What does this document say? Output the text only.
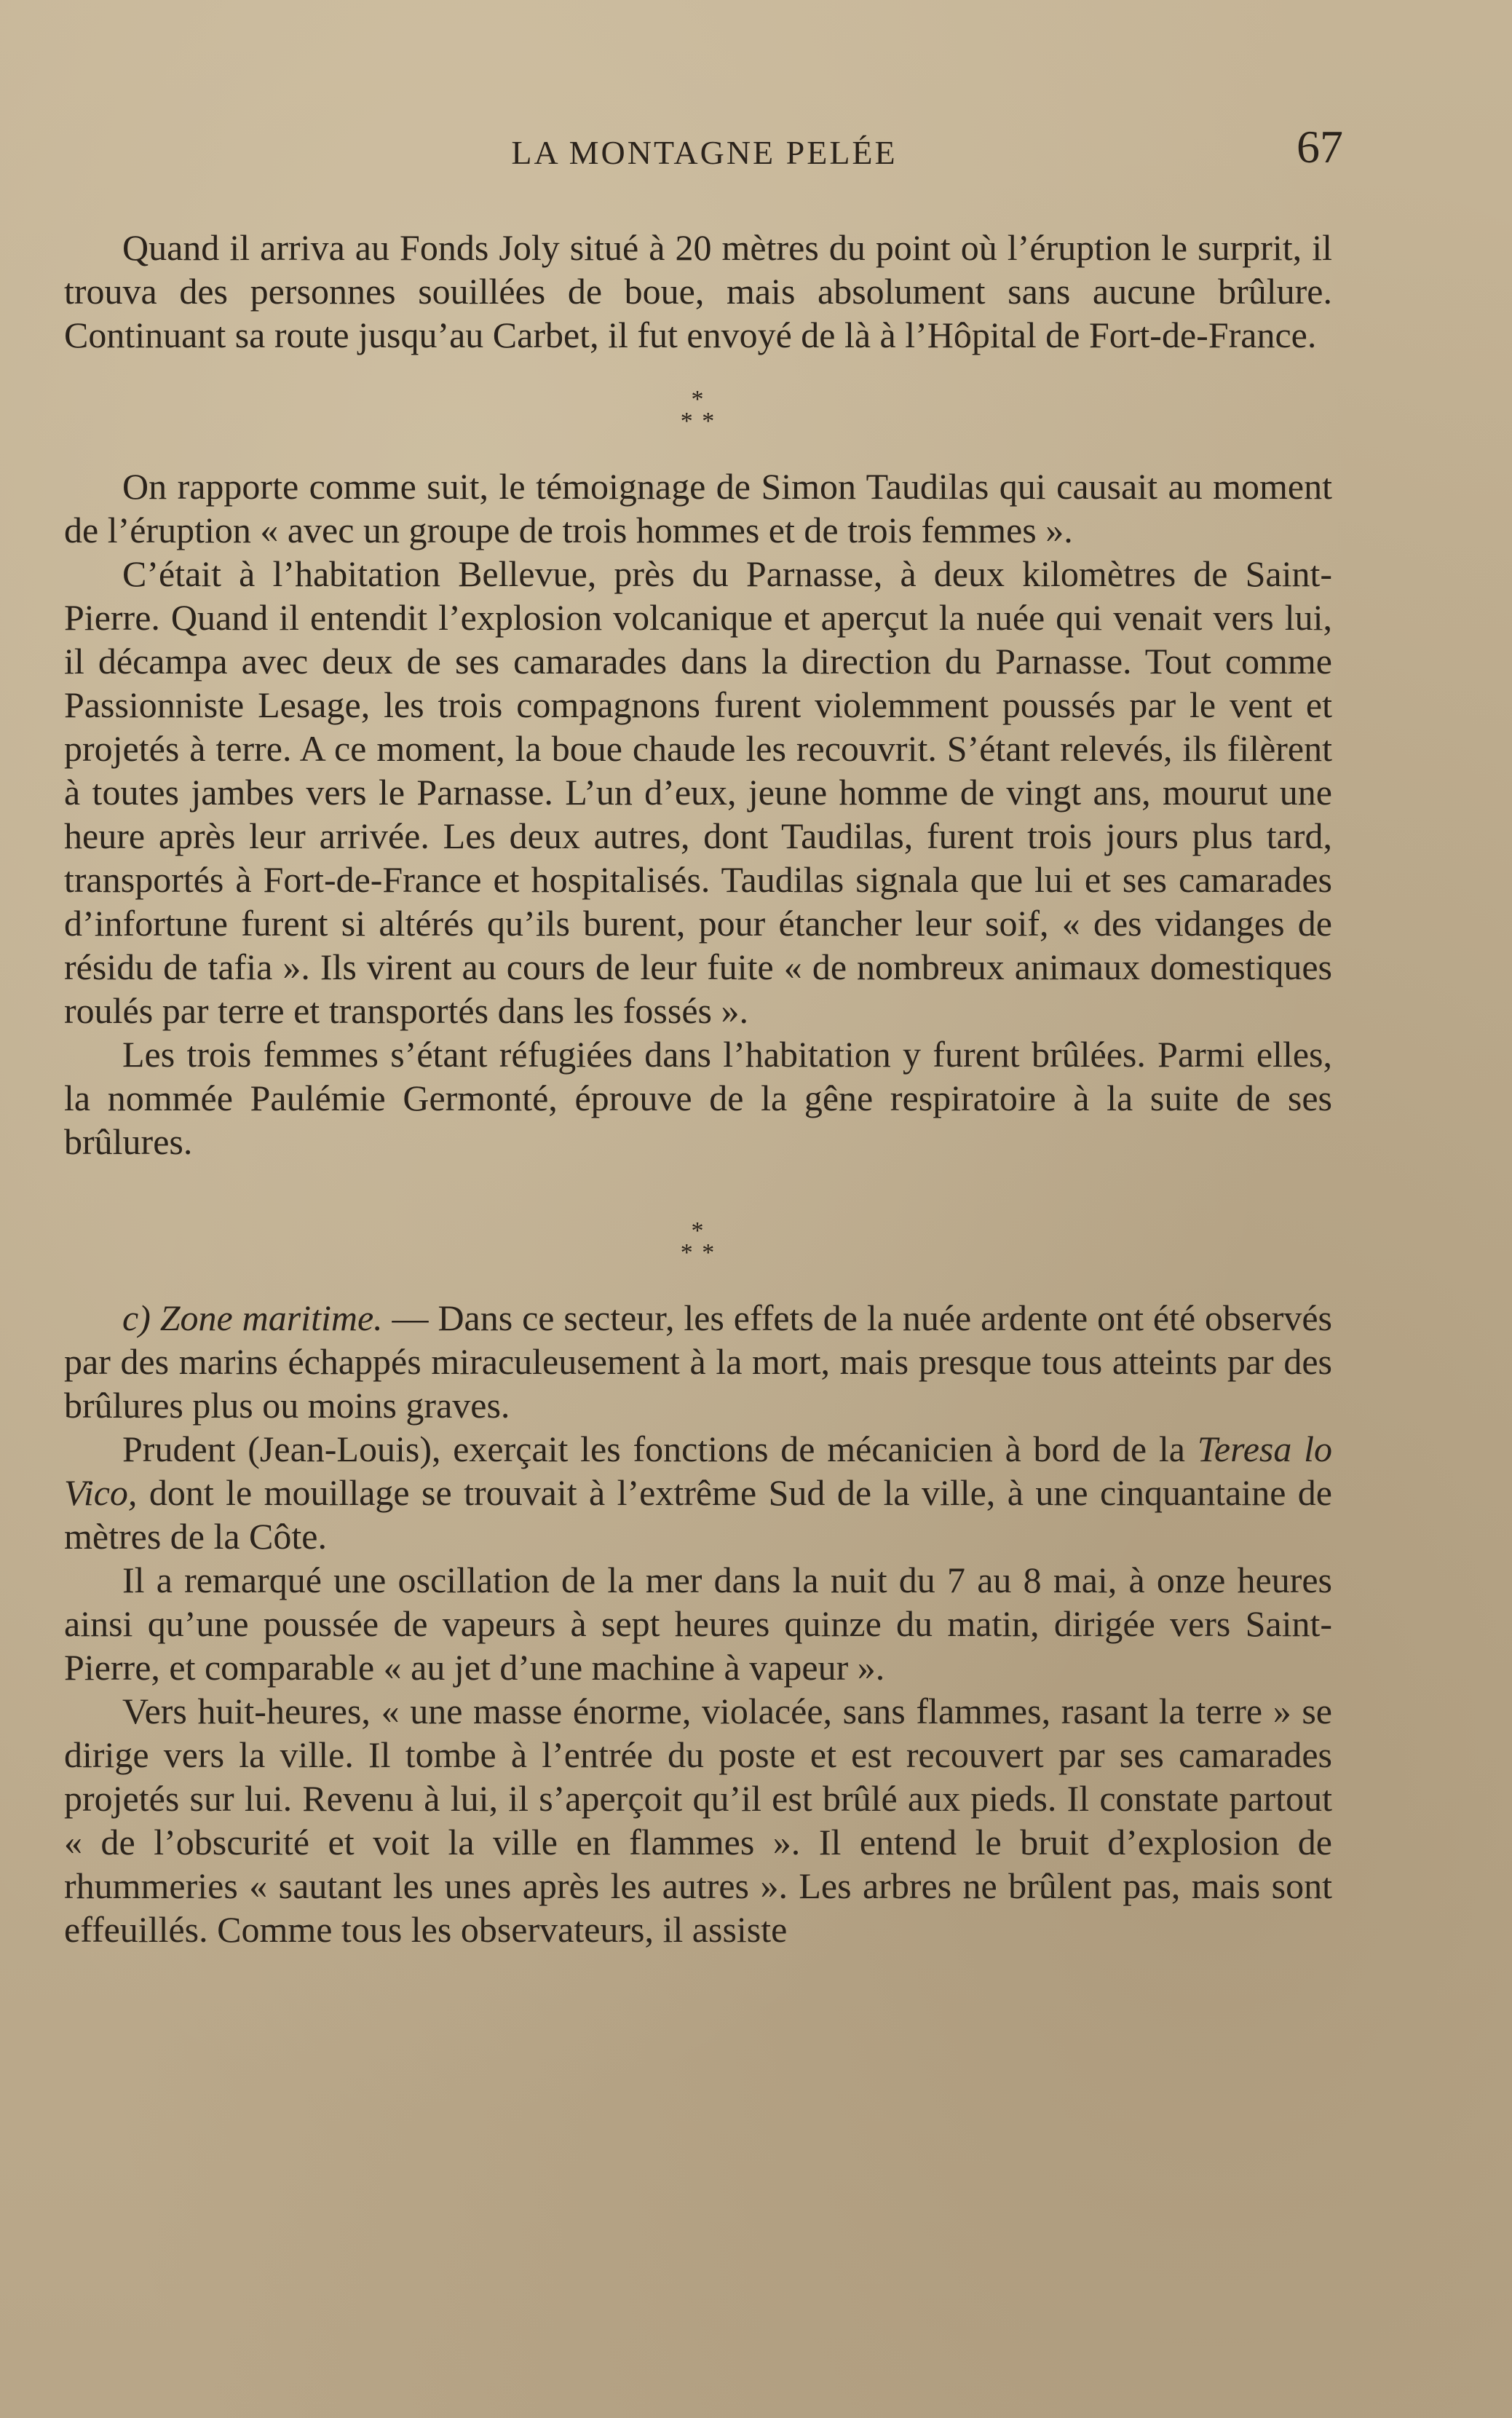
LA MONTAGNE PELÉE	67

Quand il arriva au Fonds Joly situé à 20 mètres du point où l’éruption le surprit, il trouva des personnes souillées de boue, mais absolument sans aucune brûlure. Continuant sa route jusqu’au Carbet, il fut envoyé de là à l’Hôpital de Fort-de-France.

*
* *

On rapporte comme suit, le témoignage de Simon Taudilas qui causait au moment de l’éruption « avec un groupe de trois hommes et de trois femmes ».

C’était à l’habitation Bellevue, près du Parnasse, à deux kilomètres de Saint-Pierre. Quand il entendit l’explosion volcanique et aperçut la nuée qui venait vers lui, il décampa avec deux de ses camarades dans la direction du Parnasse. Tout comme Passionniste Lesage, les trois compagnons furent violemment poussés par le vent et projetés à terre. A ce moment, la boue chaude les recouvrit. S’étant relevés, ils filèrent à toutes jambes vers le Parnasse. L’un d’eux, jeune homme de vingt ans, mourut une heure après leur arrivée. Les deux autres, dont Taudilas, furent trois jours plus tard, transportés à Fort-de-France et hospitalisés. Taudilas signala que lui et ses camarades d’infortune furent si altérés qu’ils burent, pour étancher leur soif, « des vidanges de résidu de tafia ». Ils virent au cours de leur fuite « de nombreux animaux domestiques roulés par terre et transportés dans les fossés ».

Les trois femmes s’étant réfugiées dans l’habitation y furent brûlées. Parmi elles, la nommée Paulémie Germonté, éprouve de la gêne respiratoire à la suite de ses brûlures.

*
* *

c) Zone maritime. — Dans ce secteur, les effets de la nuée ardente ont été observés par des marins échappés miraculeusement à la mort, mais presque tous atteints par des brûlures plus ou moins graves.

Prudent (Jean-Louis), exerçait les fonctions de mécanicien à bord de la Teresa lo Vico, dont le mouillage se trouvait à l’extrême Sud de la ville, à une cinquantaine de mètres de la Côte.

Il a remarqué une oscillation de la mer dans la nuit du 7 au 8 mai, à onze heures ainsi qu’une poussée de vapeurs à sept heures quinze du matin, dirigée vers Saint-Pierre, et comparable « au jet d’une machine à vapeur ».

Vers huit-heures, « une masse énorme, violacée, sans flammes, rasant la terre » se dirige vers la ville. Il tombe à l’entrée du poste et est recouvert par ses camarades projetés sur lui. Revenu à lui, il s’aperçoit qu’il est brûlé aux pieds. Il constate partout « de l’obscurité et voit la ville en flammes ». Il entend le bruit d’explosion de rhummeries « sautant les unes après les autres ». Les arbres ne brûlent pas, mais sont effeuillés. Comme tous les observateurs, il assiste
